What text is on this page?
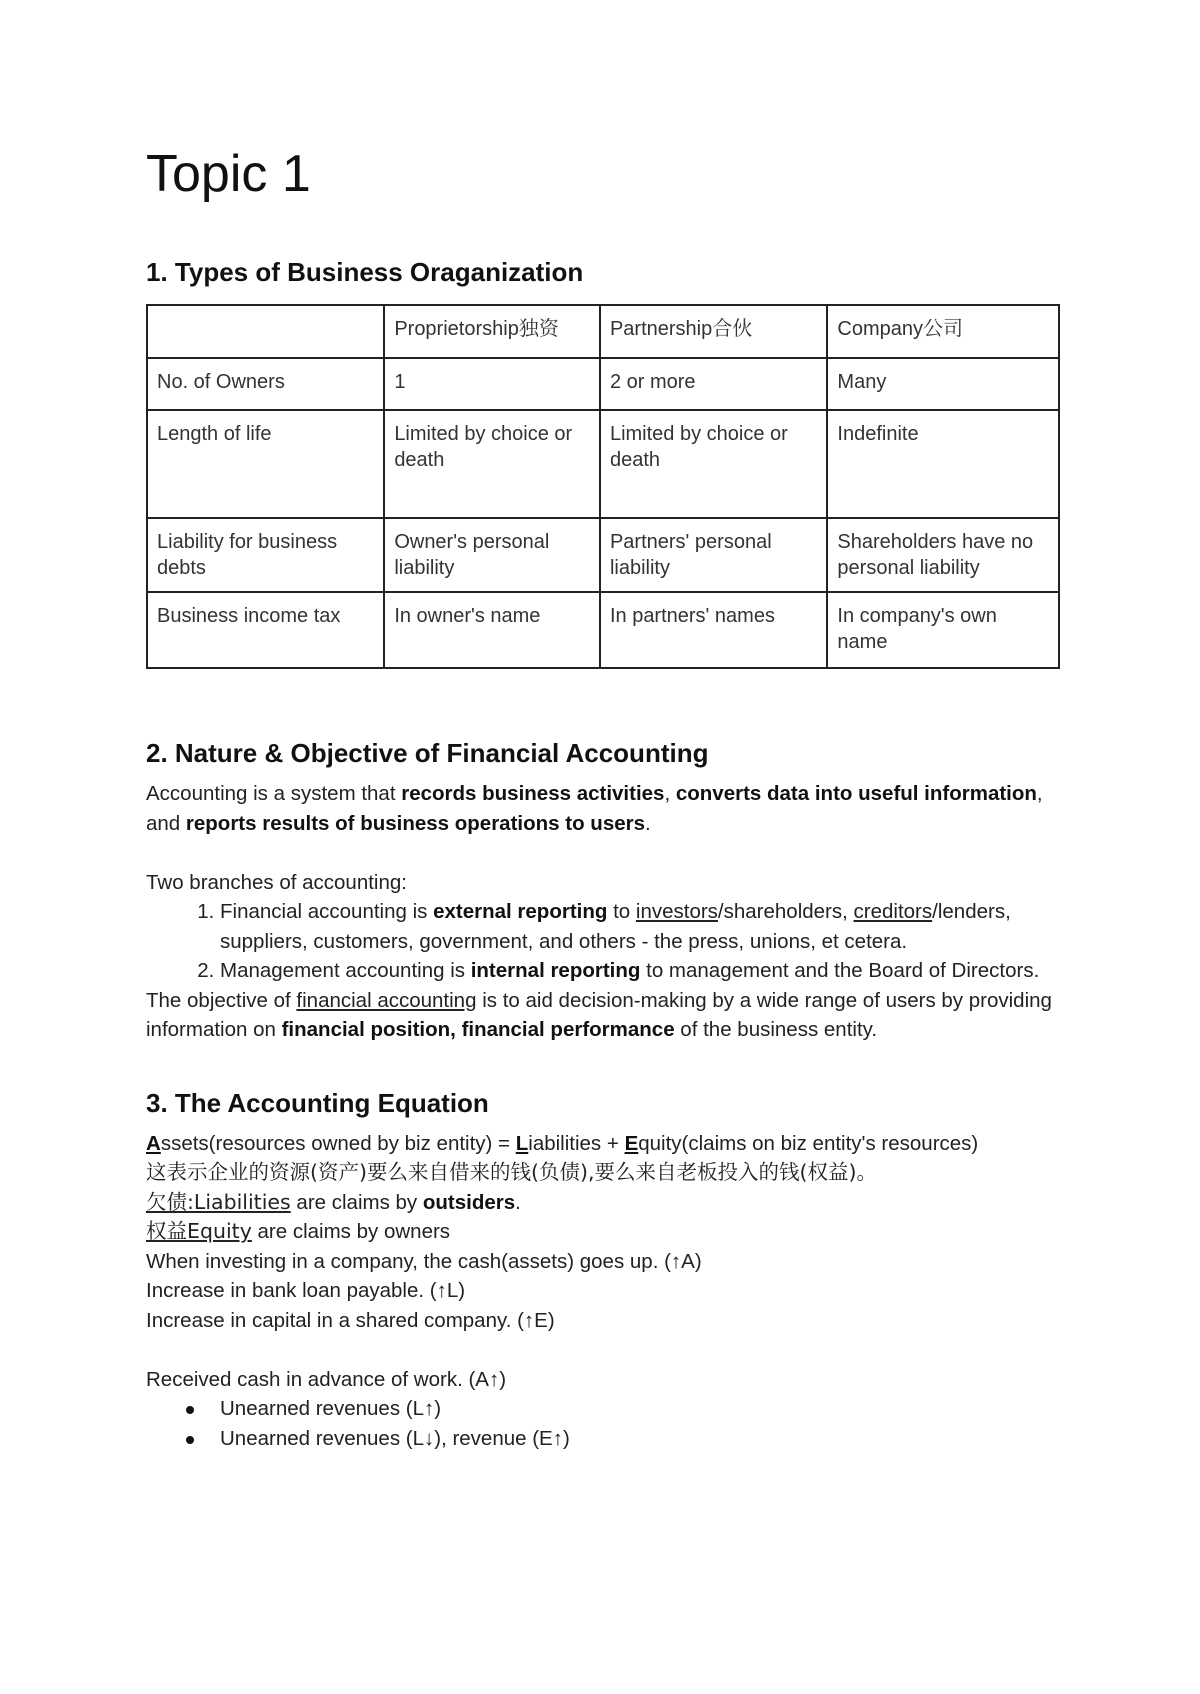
Topic 1
1. Types of Business Oraganization
	Proprietorship独资	Partnership合伙	Company公司
No. of Owners	1	2 or more	Many
Length of life	Limited by choice or death	Limited by choice or death	Indefinite
Liability for business debts	Owner's personal liability	Partners' personal liability	Shareholders have no personal liability
Business income tax	In owner's name	In partners' names	In company's own name
2. Nature & Objective of Financial Accounting

Accounting is a system that records business activities, converts data into useful information, and reports results of business operations to users.

Two branches of accounting:

1. Financial accounting is external reporting to investors/shareholders, creditors/lenders, suppliers, customers, government, and others - the press, unions, et cetera.
2. Management accounting is internal reporting to management and the Board of Directors.

The objective of financial accounting is to aid decision-making by a wide range of users by providing information on financial position, financial performance of the business entity.

3. The Accounting Equation

Assets(resources owned by biz entity) = Liabilities + Equity(claims on biz entity's resources)

这表示企业的资源(资产)要么来自借来的钱(负债),要么来自老板投入的钱(权益)。

欠债:Liabilities are claims by outsiders.

权益Equity are claims by owners

When investing in a company, the cash(assets) goes up. (↑A)

Increase in bank loan payable. (↑L)

Increase in capital in a shared company. (↑E)

Received cash in advance of work. (A↑)

Unearned revenues (L↑)
Unearned revenues (L↓), revenue (E↑)
